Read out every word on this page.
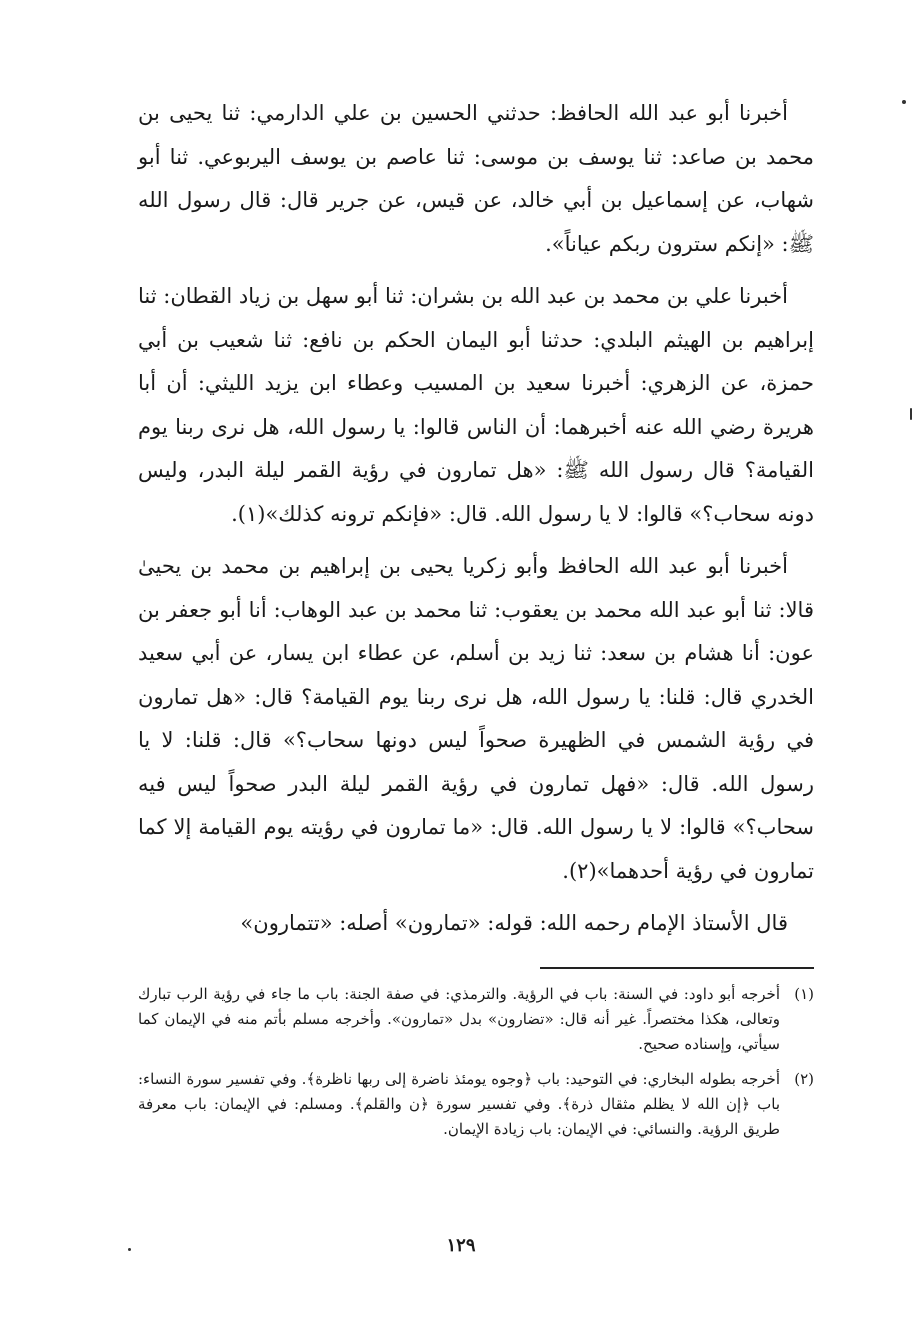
أخبرنا أبو عبد الله الحافظ: حدثني الحسين بن علي الدارمي: ثنا يحيى بن محمد بن صاعد: ثنا يوسف بن موسى: ثنا عاصم بن يوسف اليربوعي. ثنا أبو شهاب، عن إسماعيل بن أبي خالد، عن قيس، عن جرير قال: قال رسول الله ﷺ: «إنكم سترون ربكم عياناً».

أخبرنا علي بن محمد بن عبد الله بن بشران: ثنا أبو سهل بن زياد القطان: ثنا إبراهيم بن الهيثم البلدي: حدثنا أبو اليمان الحكم بن نافع: ثنا شعيب بن أبي حمزة، عن الزهري: أخبرنا سعيد بن المسيب وعطاء ابن يزيد الليثي: أن أبا هريرة رضي الله عنه أخبرهما: أن الناس قالوا: يا رسول الله، هل نرى ربنا يوم القيامة؟ قال رسول الله ﷺ: «هل تمارون في رؤية القمر ليلة البدر، وليس دونه سحاب؟» قالوا: لا يا رسول الله. قال: «فإنكم ترونه كذلك»(١).

أخبرنا أبو عبد الله الحافظ وأبو زكريا يحيى بن إبراهيم بن محمد بن يحيىٰ قالا: ثنا أبو عبد الله محمد بن يعقوب: ثنا محمد بن عبد الوهاب: أنا أبو جعفر بن عون: أنا هشام بن سعد: ثنا زيد بن أسلم، عن عطاء ابن يسار، عن أبي سعيد الخدري قال: قلنا: يا رسول الله، هل نرى ربنا يوم القيامة؟ قال: «هل تمارون في رؤية الشمس في الظهيرة صحواً ليس دونها سحاب؟» قال: قلنا: لا يا رسول الله. قال: «فهل تمارون في رؤية القمر ليلة البدر صحواً ليس فيه سحاب؟» قالوا: لا يا رسول الله. قال: «ما تمارون في رؤيته يوم القيامة إلا كما تمارون في رؤية أحدهما»(٢).

قال الأستاذ الإمام رحمه الله: قوله: «تمارون» أصله: «تتمارون»

(١)
أخرجه أبو داود: في السنة: باب في الرؤية. والترمذي: في صفة الجنة: باب ما جاء في رؤية الرب تبارك وتعالى، هكذا مختصراً. غير أنه قال: «تضارون» بدل «تمارون». وأخرجه مسلم بأتم منه في الإيمان كما سيأتي، وإسناده صحيح.
(٢)
أخرجه بطوله البخاري: في التوحيد: باب ﴿وجوه يومئذ ناضرة إلى ربها ناظرة﴾. وفي تفسير سورة النساء: باب ﴿إن الله لا يظلم مثقال ذرة﴾. وفي تفسير سورة ﴿ن والقلم﴾. ومسلم: في الإيمان: باب معرفة طريق الرؤية. والنسائي: في الإيمان: باب زيادة الإيمان.
١٢٩
